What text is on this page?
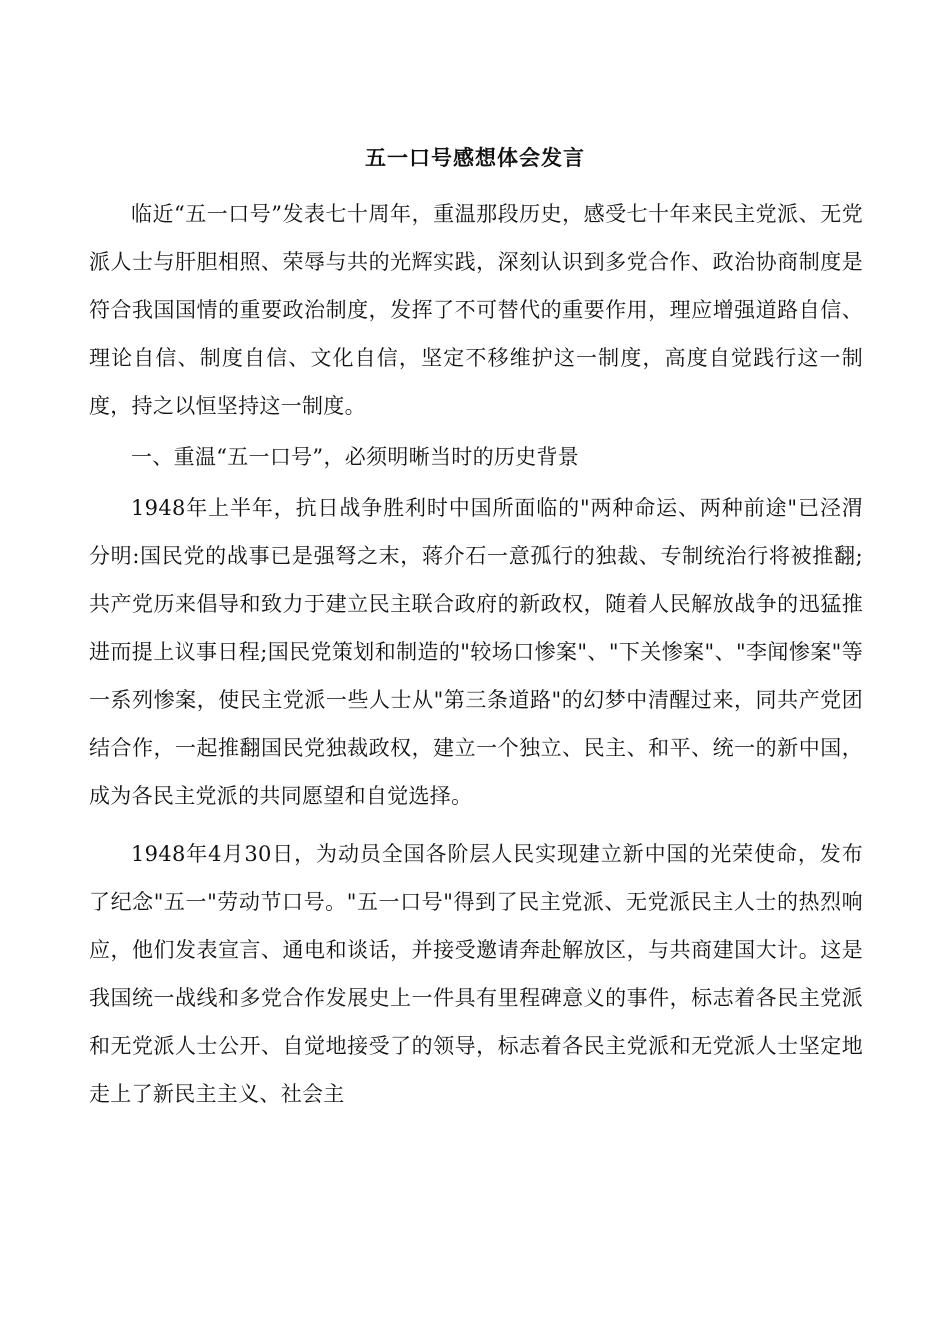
五一口号感想体会发言

临近“五一口号”发表七十周年，重温那段历史，感受七十年来民主党派、无党派人士与肝胆相照、荣辱与共的光辉实践，深刻认识到多党合作、政治协商制度是符合我国国情的重要政治制度，发挥了不可替代的重要作用，理应增强道路自信、理论自信、制度自信、文化自信，坚定不移维护这一制度，高度自觉践行这一制度，持之以恒坚持这一制度。

一、重温“五一口号”，必须明晰当时的历史背景

1948年上半年，抗日战争胜利时中国所面临的"两种命运、两种前途"已泾渭分明:国民党的战事已是强弩之末，蒋介石一意孤行的独裁、专制统治行将被推翻;共产党历来倡导和致力于建立民主联合政府的新政权，随着人民解放战争的迅猛推进而提上议事日程;国民党策划和制造的"较场口惨案"、"下关惨案"、"李闻惨案"等一系列惨案，使民主党派一些人士从"第三条道路"的幻梦中清醒过来，同共产党团结合作，一起推翻国民党独裁政权，建立一个独立、民主、和平、统一的新中国，成为各民主党派的共同愿望和自觉选择。

1948年4月30日，为动员全国各阶层人民实现建立新中国的光荣使命，发布了纪念"五一"劳动节口号。"五一口号"得到了民主党派、无党派民主人士的热烈响应，他们发表宣言、通电和谈话，并接受邀请奔赴解放区，与共商建国大计。这是我国统一战线和多党合作发展史上一件具有里程碑意义的事件，标志着各民主党派和无党派人士公开、自觉地接受了的领导，标志着各民主党派和无党派人士坚定地走上了新民主主义、社会主
